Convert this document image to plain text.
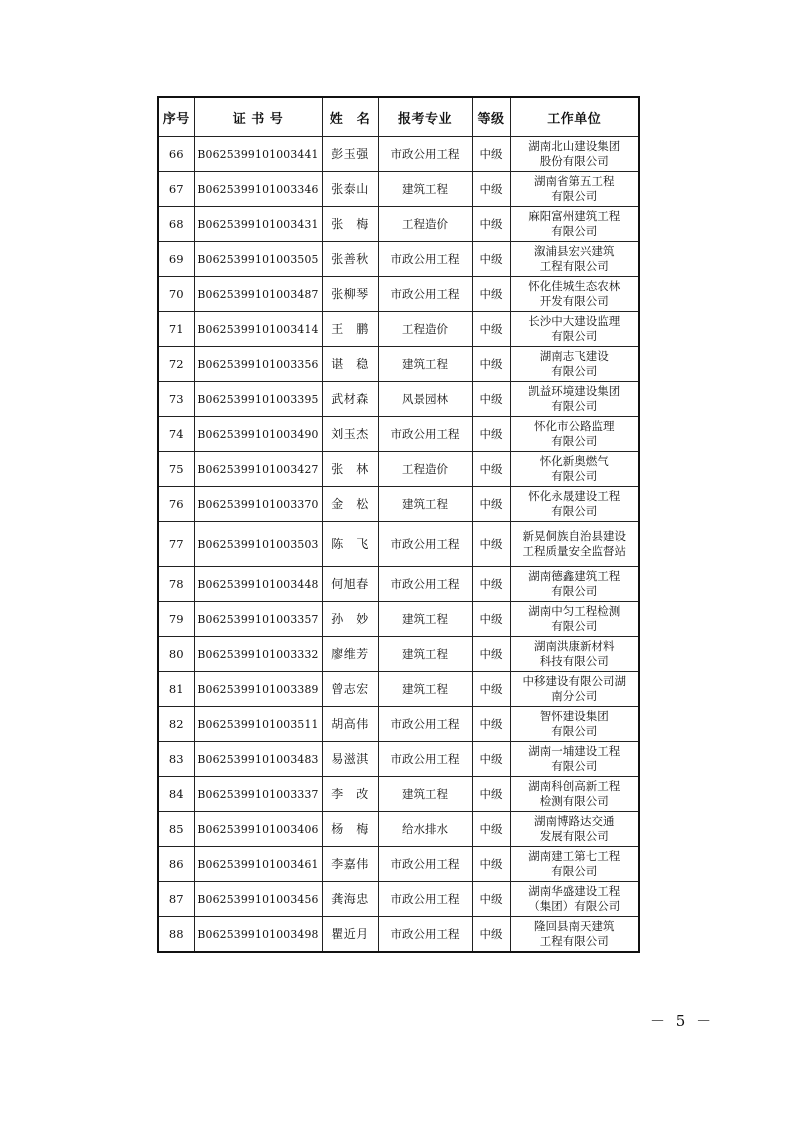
序号	证 书 号	姓　名	报考专业	等级	工作单位
66	B0625399101003441	彭玉强	市政公用工程	中级	湖南北山建设集团
股份有限公司

67	B0625399101003346	张泰山	建筑工程	中级	湖南省第五工程
有限公司

68	B0625399101003431	张　梅	工程造价	中级	麻阳富州建筑工程
有限公司

69	B0625399101003505	张善秋	市政公用工程	中级	溆浦县宏兴建筑
工程有限公司

70	B0625399101003487	张柳琴	市政公用工程	中级	怀化佳城生态农林
开发有限公司

71	B0625399101003414	王　鹏	工程造价	中级	长沙中大建设监理
有限公司

72	B0625399101003356	谌　稳	建筑工程	中级	湖南志飞建设
有限公司

73	B0625399101003395	武材森	风景园林	中级	凯益环境建设集团
有限公司

74	B0625399101003490	刘玉杰	市政公用工程	中级	怀化市公路监理
有限公司

75	B0625399101003427	张　林	工程造价	中级	怀化新奥燃气
有限公司

76	B0625399101003370	金　松	建筑工程	中级	怀化永晟建设工程
有限公司

77	B0625399101003503	陈　飞	市政公用工程	中级	新晃侗族自治县建设
工程质量安全监督站

78	B0625399101003448	何旭春	市政公用工程	中级	湖南德鑫建筑工程
有限公司

79	B0625399101003357	孙　妙	建筑工程	中级	湖南中匀工程检测
有限公司

80	B0625399101003332	廖维芳	建筑工程	中级	湖南洪康新材料
科技有限公司

81	B0625399101003389	曾志宏	建筑工程	中级	中移建设有限公司湖
南分公司

82	B0625399101003511	胡高伟	市政公用工程	中级	智怀建设集团
有限公司

83	B0625399101003483	易滋淇	市政公用工程	中级	湖南一埔建设工程
有限公司

84	B0625399101003337	李　改	建筑工程	中级	湖南科创高新工程
检测有限公司

85	B0625399101003406	杨　梅	给水排水	中级	湖南博路达交通
发展有限公司

86	B0625399101003461	李嘉伟	市政公用工程	中级	湖南建工第七工程
有限公司

87	B0625399101003456	龚海忠	市政公用工程	中级	湖南华盛建设工程
（集团）有限公司

88	B0625399101003498	瞿近月	市政公用工程	中级	隆回县南天建筑
工程有限公司
－ 5 －
